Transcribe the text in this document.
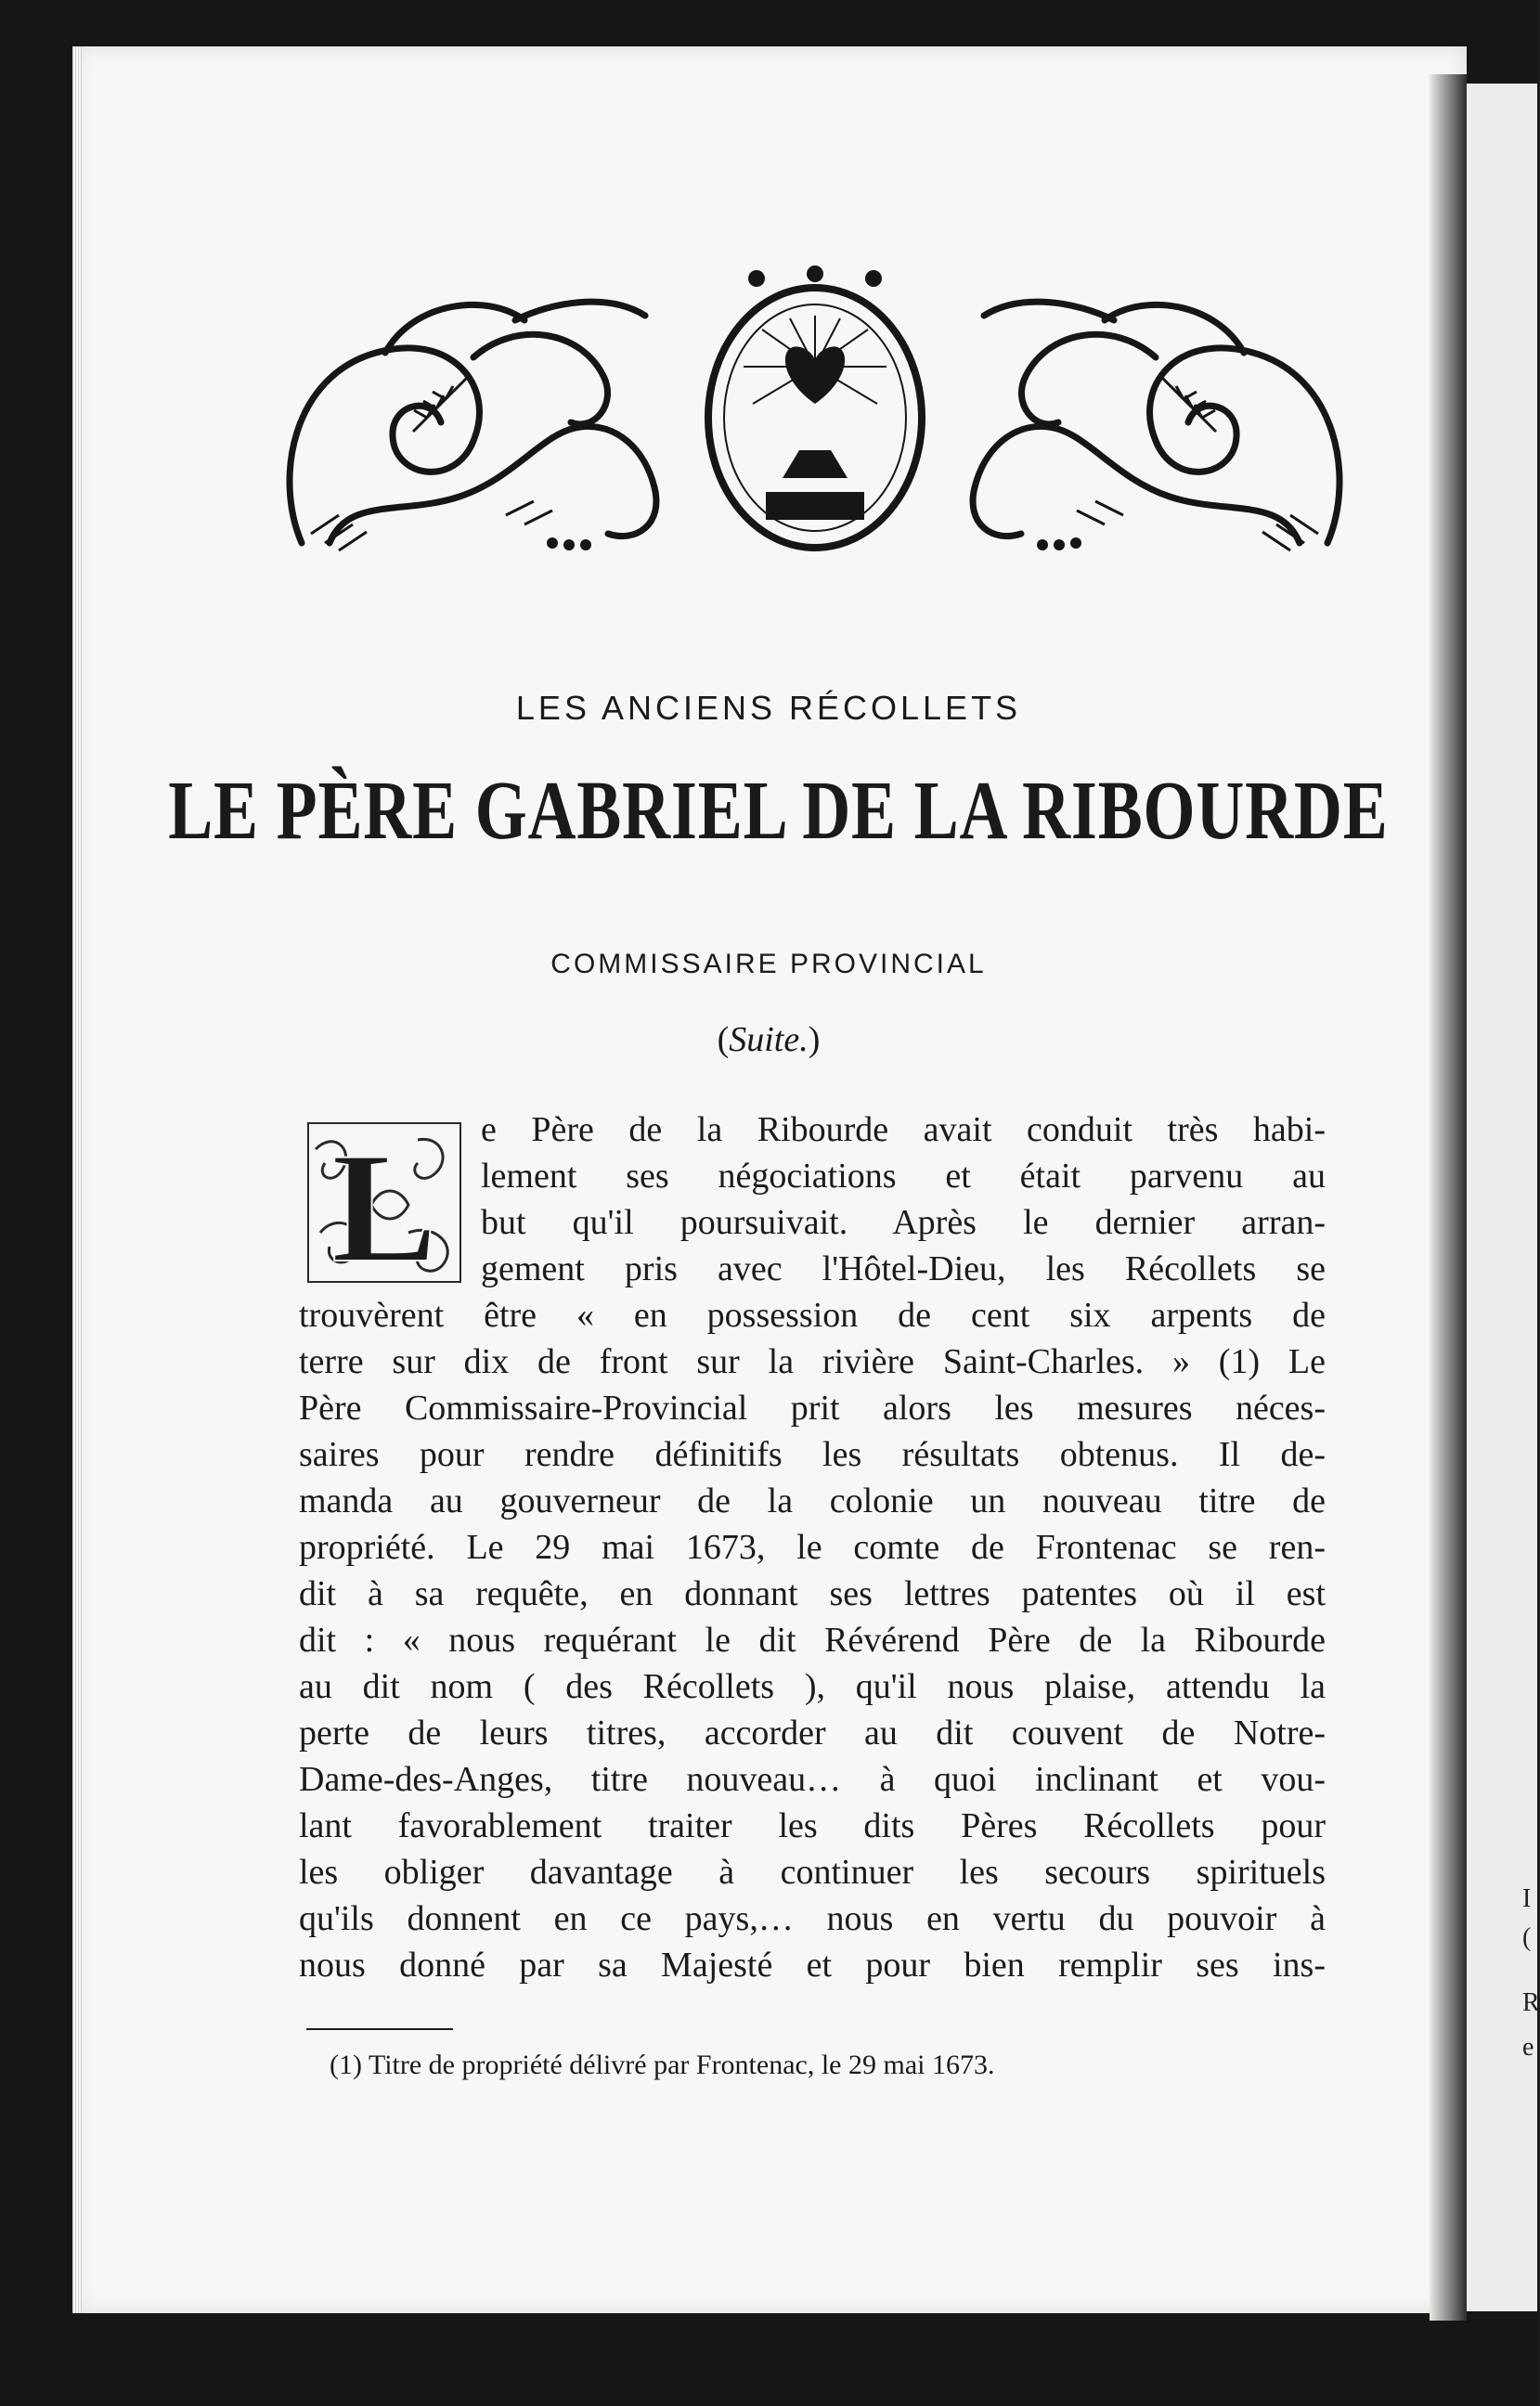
I
(
R
e

LES ANCIENS RÉCOLLETS

LE PÈRE GABRIEL DE LA RIBOURDE

COMMISSAIRE PROVINCIAL

(Suite.)

L e Père de la Ribourde avait conduit très habi-

lement ses négociations et était parvenu au

but qu'il poursuivait. Après le dernier arran-

gement pris avec l'Hôtel-Dieu, les Récollets se

trouvèrent être « en possession de cent six arpents de

terre sur dix de front sur la rivière Saint-Charles. » (1) Le

Père Commissaire-Provincial prit alors les mesures néces-

saires pour rendre définitifs les résultats obtenus. Il de-

manda au gouverneur de la colonie un nouveau titre de

propriété. Le 29 mai 1673, le comte de Frontenac se ren-

dit à sa requête, en donnant ses lettres patentes où il est

dit : « nous requérant le dit Révérend Père de la Ribourde

au dit nom ( des Récollets ), qu'il nous plaise, attendu la

perte de leurs titres, accorder au dit couvent de Notre-

Dame-des-Anges, titre nouveau… à quoi inclinant et vou-

lant favorablement traiter les dits Pères Récollets pour

les obliger davantage à continuer les secours spirituels

qu'ils donnent en ce pays,… nous en vertu du pouvoir à

nous donné par sa Majesté et pour bien remplir ses ins-

(1) Titre de propriété délivré par Frontenac, le 29 mai 1673.
